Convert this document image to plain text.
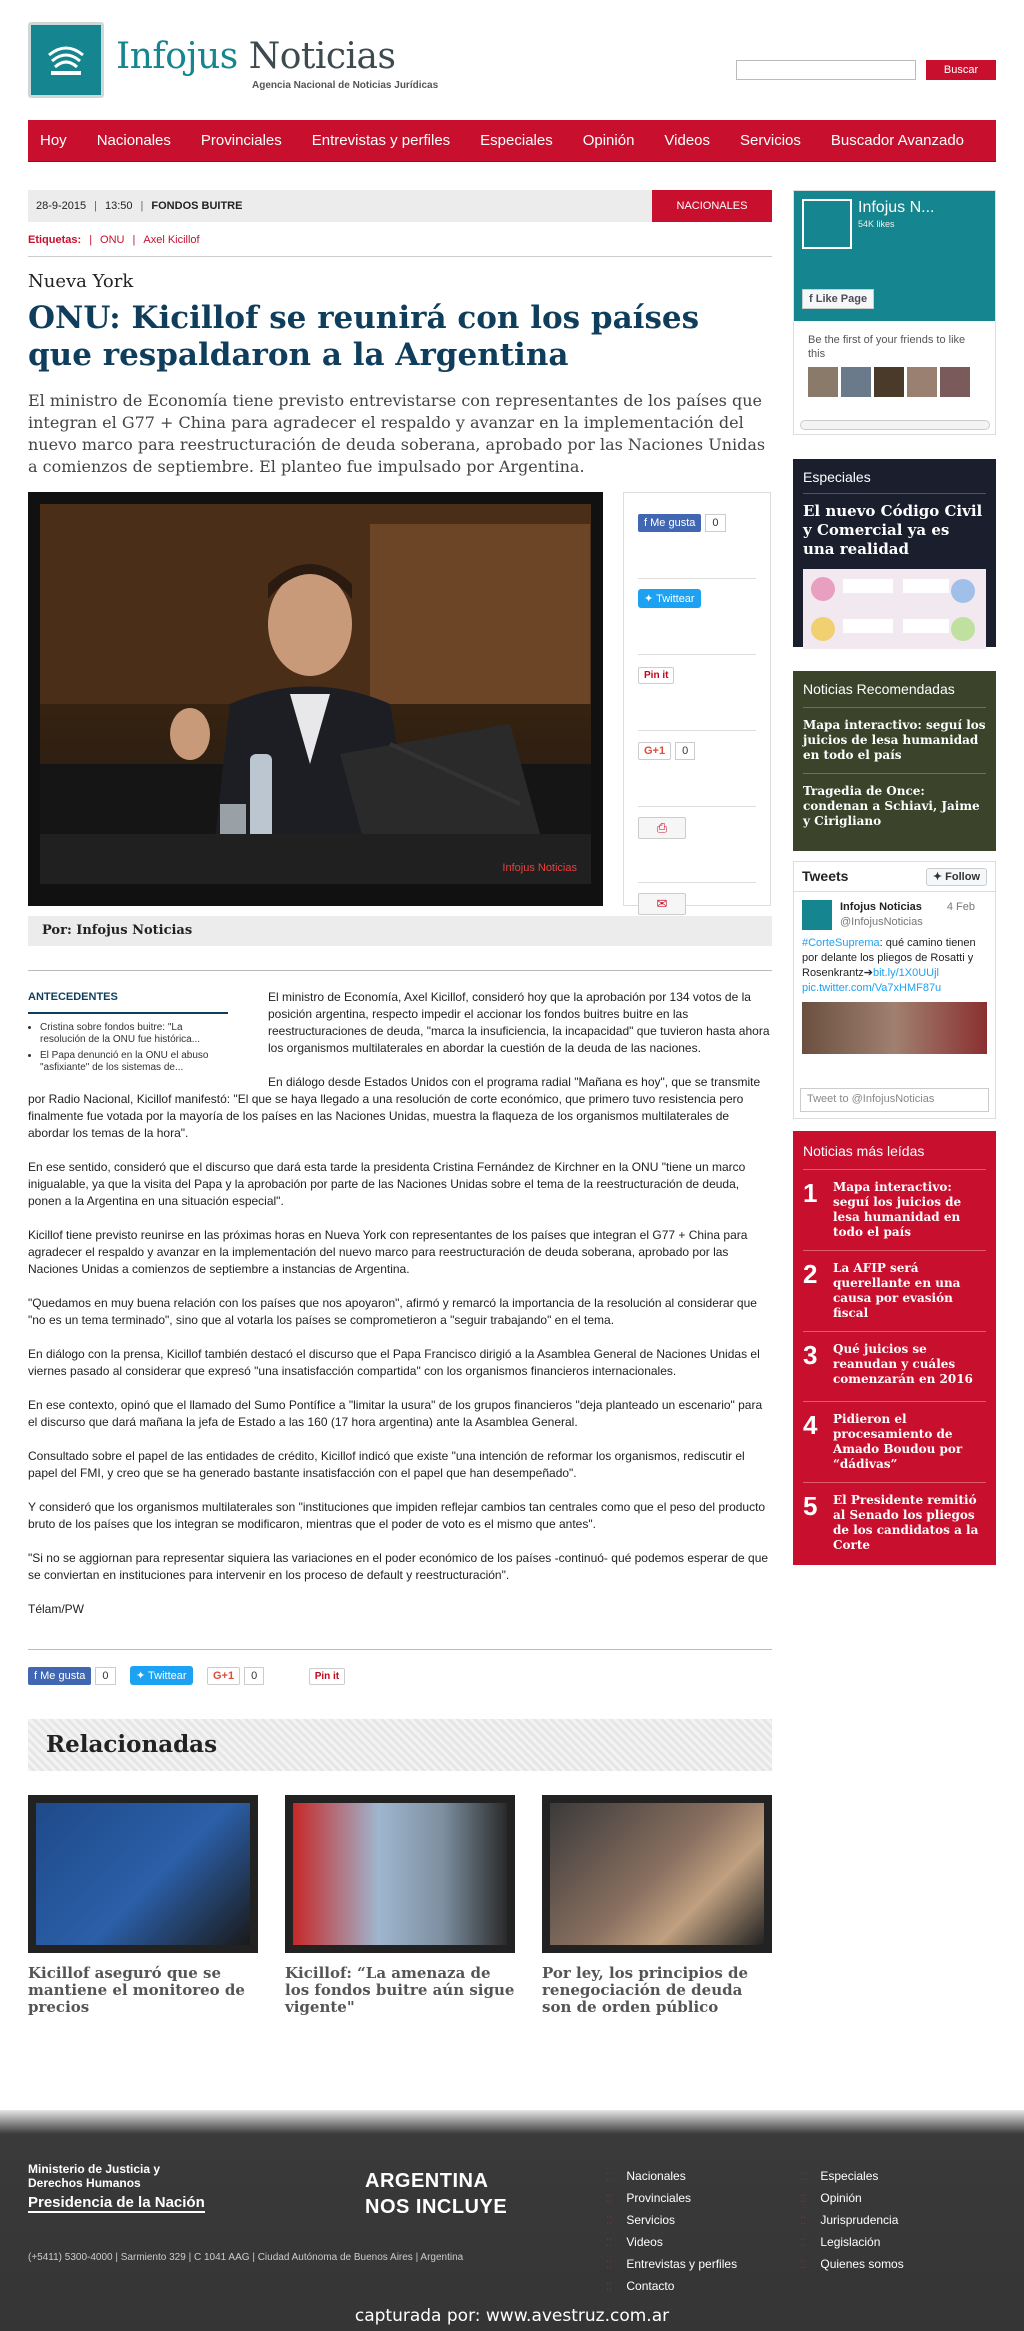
Infojus Noticias
Agencia Nacional de Noticias Jurídicas
Buscar
Hoy Nacionales Provinciales Entrevistas y perfiles Especiales Opinión Videos Servicios Buscador Avanzado
28-9-2015 | 13:50 | FONDOS BUITRE	NACIONALES
Etiquetas: | ONU | Axel Kicillof
Nueva York
ONU: Kicillof se reunirá con los países que respaldaron a la Argentina

El ministro de Economía tiene previsto entrevistarse con representantes de los países que integran el G77 + China para agradecer el respaldo y avanzar en la implementación del nuevo marco para reestructuración de deuda soberana, aprobado por las Naciones Unidas a comienzos de septiembre. El planteo fue impulsado por Argentina.

Infojus Noticias
f Me gusta 0
✦ Twittear
Pin it
G+1 0
⎙
✉
Por: Infojus Noticias
ANTECEDENTES
• Cristina sobre fondos buitre: "La resolución de la ONU fue histórica...
• El Papa denunció en la ONU el abuso "asfixiante" de los sistemas de...

El ministro de Economía, Axel Kicillof, consideró hoy que la aprobación por 134 votos de la posición argentina, respecto impedir el accionar los fondos buitres buitre en las reestructuraciones de deuda, "marca la insuficiencia, la incapacidad" que tuvieron hasta ahora los organismos multilaterales en abordar la cuestión de la deuda de las naciones.

En diálogo desde Estados Unidos con el programa radial "Mañana es hoy", que se transmite por Radio Nacional, Kicillof manifestó: "El que se haya llegado a una resolución de corte económico, que primero tuvo resistencia pero finalmente fue votada por la mayoría de los países en las Naciones Unidas, muestra la flaqueza de los organismos multilaterales de abordar los temas de la hora".

En ese sentido, consideró que el discurso que dará esta tarde la presidenta Cristina Fernández de Kirchner en la ONU "tiene un marco inigualable, ya que la visita del Papa y la aprobación por parte de las Naciones Unidas sobre el tema de la reestructuración de deuda, ponen a la Argentina en una situación especial".

Kicillof tiene previsto reunirse en las próximas horas en Nueva York con representantes de los países que integran el G77 + China para agradecer el respaldo y avanzar en la implementación del nuevo marco para reestructuración de deuda soberana, aprobado por las Naciones Unidas a comienzos de septiembre a instancias de Argentina.

"Quedamos en muy buena relación con los países que nos apoyaron", afirmó y remarcó la importancia de la resolución al considerar que "no es un tema terminado", sino que al votarla los países se comprometieron a "seguir trabajando" en el tema.

En diálogo con la prensa, Kicillof también destacó el discurso que el Papa Francisco dirigió a la Asamblea General de Naciones Unidas el viernes pasado al considerar que expresó "una insatisfacción compartida" con los organismos financieros internacionales.

En ese contexto, opinó que el llamado del Sumo Pontífice a "limitar la usura" de los grupos financieros "deja planteado un escenario" para el discurso que dará mañana la jefa de Estado a las 160 (17 hora argentina) ante la Asamblea General.

Consultado sobre el papel de las entidades de crédito, Kicillof indicó que existe "una intención de reformar los organismos, rediscutir el papel del FMI, y creo que se ha generado bastante insatisfacción con el papel que han desempeñado".

Y consideró que los organismos multilaterales son "instituciones que impiden reflejar cambios tan centrales como que el peso del producto bruto de los países que los integran se modificaron, mientras que el poder de voto es el mismo que antes".

"Si no se aggiornan para representar siquiera las variaciones en el poder económico de los países -continuó- qué podemos esperar de que se conviertan en instituciones para intervenir en los proceso de default y reestructuración".

Télam/PW

f Me gusta 0 ✦ Twittear G+1 0	Pin it
Relacionadas
Kicillof aseguró que se mantiene el monitoreo de precios
Kicillof: “La amenaza de los fondos buitre aún sigue vigente"
Por ley, los principios de renegociación de deuda son de orden público
Infojus N...
54K likes
f Like Page
Be the first of your friends to like this
Especiales
El nuevo Código Civil y Comercial ya es una realidad
Noticias Recomendadas
Mapa interactivo: seguí los juicios de lesa humanidad en todo el país
Tragedia de Once: condenan a Schiavi, Jaime y Cirigliano
Tweets	✦ Follow
Infojus Noticias
@InfojusNoticias
4 Feb
#CorteSuprema: qué camino tienen por delante los pliegos de Rosatti y Rosenkrantz➔bit.ly/1X0UUjl pic.twitter.com/Va7xHMF87u
Tweet to @InfojusNoticias
Noticias más leídas
1 Mapa interactivo: seguí los juicios de lesa humanidad en todo el país
2 La AFIP será querellante en una causa por evasión fiscal
3 Qué juicios se reanudan y cuáles comenzarán en 2016
4 Pidieron el procesamiento de Amado Boudou por “dádivas”
5 El Presidente remitió al Senado los pliegos de los candidatos a la Corte
Ministerio de Justicia y Derechos Humanos
Presidencia de la Nación
ARGENTINA
NOS INCLUYE
(+5411) 5300-4000 | Sarmiento 329 | C 1041 AAG | Ciudad Autónoma de Buenos Aires | Argentina
⁚⁚ Nacionales
⁚⁚ Provinciales
⁚⁚ Servicios
⁚⁚ Videos
⁚⁚ Entrevistas y perfiles
⁚⁚ Contacto
⁚⁚ Especiales
⁚⁚ Opinión
⁚⁚ Jurisprudencia
⁚⁚ Legislación
⁚⁚ Quienes somos
capturada por: www.avestruz.com.ar
